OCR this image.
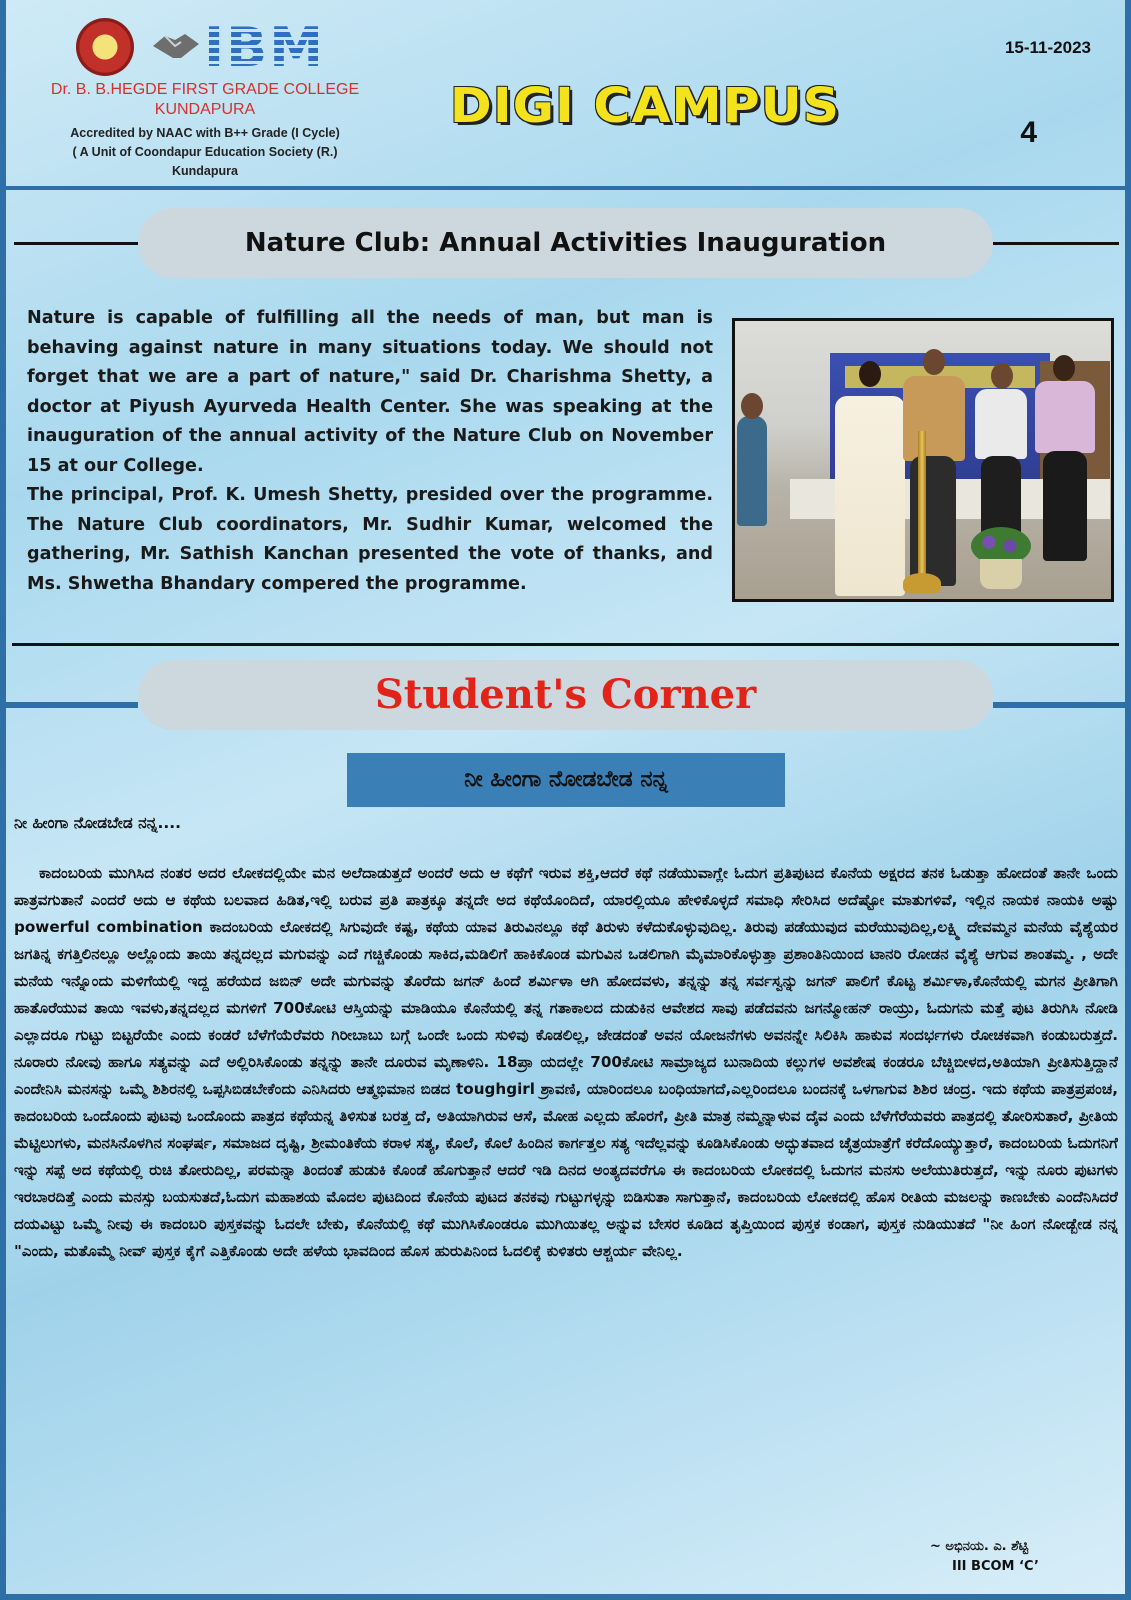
IBM
Dr. B. B.HEGDE FIRST GRADE COLLEGE
KUNDAPURA
Accredited by NAAC with B++ Grade (I Cycle)
( A Unit of Coondapur Education Society (R.)
Kundapura
DIGI CAMPUS
15-11-2023
4
Nature Club: Annual Activities Inauguration

Nature is capable of fulfilling all the needs of man, but man is behaving against nature in many situations today. We should not forget that we are a part of nature," said Dr. Charishma Shetty, a doctor at Piyush Ayurveda Health Center. She was speaking at the inauguration of the annual activity of the Nature Club on November 15 at our College.

The principal, Prof. K. Umesh Shetty, presided over the programme. The Nature Club coordinators, Mr. Sudhir Kumar, welcomed the gathering, Mr. Sathish Kanchan presented the vote of thanks, and Ms. Shwetha Bhandary compered the programme.

Student's Corner
ನೀ ಹೀಂಗಾ ನೋಡಬೇಡ ನನ್ನ
ನೀ ಹೀಂಗಾ ನೋಡಬೇಡ ನನ್ನ....

ಕಾದಂಬರಿಯ ಮುಗಿಸಿದ ನಂತರ ಅದರ ಲೋಕದಲ್ಲಿಯೇ ಮನ ಅಲೆದಾಡುತ್ತದೆ ಅಂದರೆ ಅದು ಆ ಕಥೆಗೆ ಇರುವ ಶಕ್ತಿ,ಆದರೆ ಕಥೆ ನಡೆಯುವಾಗ್ಲೇ ಓದುಗ ಪ್ರತಿಪುಟದ ಕೊನೆಯ ಅಕ್ಷರದ ತನಕ ಓಡುತ್ತಾ ಹೋದಂತೆ ತಾನೇ ಒಂದು ಪಾತ್ರವಗುತಾನೆ ಎಂದರೆ ಅದು ಆ ಕಥೆಯ ಬಲವಾದ ಹಿಡಿತ,ಇಲ್ಲಿ ಬರುವ ಪ್ರತಿ ಪಾತ್ರಕ್ಕೂ ತನ್ನದೇ ಅದ ಕಥೆಯೊಂದಿದೆ, ಯಾರಲ್ಲಿಯೂ ಹೇಳಿಕೊಳ್ಳದೆ ಸಮಾಧಿ ಸೇರಿಸಿದ ಅದೆಷ್ಟೋ ಮಾತುಗಳಿವೆ, ಇಲ್ಲಿನ ನಾಯಕ ನಾಯಕಿ ಅಷ್ಟು powerful combination ಕಾದಂಬರಿಯ ಲೋಕದಲ್ಲಿ ಸಿಗುವುದೇ ಕಷ್ಟ, ಕಥೆಯ ಯಾವ ತಿರುವಿನಲ್ಲೂ ಕಥೆ ತಿರುಳು ಕಳೆದುಕೊಳ್ಳುವುದಿಲ್ಲ. ತಿರುವು ಪಡೆಯುವುದ ಮರೆಯುವುದಿಲ್ಲ,ಲಕ್ಷ್ಮಿ ದೇವಮ್ಮನ ಮನೆಯ ವೈಶ್ಯೆಯರ ಜಗತಿನ್ನ ಕಗತ್ತಿಲಿನಲ್ಲೂ ಅಲ್ಲೊಂದು ತಾಯಿ ತನ್ನದಲ್ಲದ ಮಗುವನ್ನು ಎದೆ ಗಚ್ಚಿಕೊಂಡು ಸಾಕಿದ,ಮಡಿಲಿಗೆ ಹಾಕಿಕೊಂಡ ಮಗುವಿನ ಒಡಲಿಗಾಗಿ ಮೈಮಾರಿಕೊಳ್ಳುತ್ತಾ ಪ್ರಶಾಂತಿನಿಯಿಂದ ಟಾನರಿ ರೋಡನ ವೈಶ್ಯೆ ಆಗುವ ಶಾಂತಮ್ಮ. , ಅದೇ ಮನೆಯ ಇನ್ನೊಂದು ಮಳಿಗೆಯಲ್ಲಿ ಇದ್ದ ಹರೆಯದ ಜಬಿನ್ ಅದೇ ಮಗುವನ್ನು ತೊರೆದು ಜಗನ್ ಹಿಂದೆ ಶರ್ಮಿಳಾ ಆಗಿ ಹೋದವಳು, ತನ್ನನ್ನು ತನ್ನ ಸರ್ವಸ್ವನ್ನು ಜಗನ್ ಪಾಲಿಗೆ ಕೊಟ್ಟ ಶರ್ಮಿಳಾ,ಕೊನೆಯಲ್ಲಿ ಮಗನ ಪ್ರೀತಿಗಾಗಿ ಹಾತೊರೆಯುವ ತಾಯಿ ಇವಳು,ತನ್ನದಲ್ಲದ ಮಗಳಿಗೆ 700ಕೋಟಿ ಆಸ್ತಿಯನ್ನು ಮಾಡಿಯೂ ಕೊನೆಯಲ್ಲಿ ತನ್ನ ಗತಾಕಾಲದ ದುಡುಕಿನ ಆವೇಶದ ಸಾವು ಪಡೆದವನು ಜಗನ್ಮೋಹನ್ ರಾಯ್ರು, ಓದುಗನು ಮತ್ತೆ ಪುಟ ತಿರುಗಿಸಿ ನೋಡಿ ಎಲ್ಲಾದರೂ ಗುಟ್ಟು ಬಿಟ್ಟರೆಯೇ ಎಂದು ಕಂಡರೆ ಬೆಳೆಗೆಯೆರೆವರು ಗಿರೀಬಾಬು ಬಗ್ಗೆ ಒಂದೇ ಒಂದು ಸುಳಿವು ಕೊಡಲಿಲ್ಲ, ಜೇಡದಂತೆ ಅವನ ಯೋಜನೆಗಳು ಅವನನ್ನೇ ಸಿಲಿಕಿಸಿ ಹಾಕುವ ಸಂದರ್ಭಗಳು ರೋಚಕವಾಗಿ ಕಂಡುಬರುತ್ತದೆ. ನೂರಾರು ನೋವು ಹಾಗೂ ಸತ್ಯವನ್ನು ಎದೆ ಅಲ್ಲಿರಿಸಿಕೊಂಡು ತನ್ನನ್ನು ತಾನೇ ದೂರುವ ಮೃಣಾಳಿನಿ. 18ಪ್ರಾ ಯದಲ್ಲೇ 700ಕೋಟಿ ಸಾಮ್ರಾಜ್ಯದ ಬುನಾದಿಯ ಕಲ್ಲುಗಳ ಅವಶೇಷ ಕಂಡರೂ ಬೆಚ್ಚಿಬೀಳದ,ಅತಿಯಾಗಿ ಪ್ರೀತಿಸುತ್ತಿದ್ದಾನೆ ಎಂದೇನಿಸಿ ಮನಸನ್ನು ಒಮ್ಮೆ ಶಿಶಿರನಲ್ಲಿ ಒಪ್ಪಸಿಬಿಡಬೇಕೆಂದು ಎನಿಸಿದರು ಆತ್ಮಭಿಮಾನ ಬಿಡದ toughgirl ಶ್ರಾವಣಿ, ಯಾರಿಂದಲೂ ಬಂಧಿಯಾಗದೆ,ಎಲ್ಲರಿಂದಲೂ ಬಂದನಕ್ಕೆ ಒಳಗಾಗುವ ಶಿಶಿರ ಚಂದ್ರ. ಇದು ಕಥೆಯ ಪಾತ್ರಪ್ರಪಂಚ, ಕಾದಂಬರಿಯ ಒಂದೊಂದು ಪುಟವು ಒಂದೊಂದು ಪಾತ್ರದ ಕಥೆಯನ್ನ ತಿಳಿಸುತ ಬರತ್ತ ದೆ, ಅತಿಯಾಗಿರುವ ಆಸೆ, ಮೋಹ ಎಲ್ಲದು ಹೊರಗೆ, ಪ್ರೀತಿ ಮಾತ್ರ ನಮ್ಮನ್ನಾಳುವ ದೈವ ಎಂದು ಬೆಳೆಗೆರೆಯವರು ಪಾತ್ರದಲ್ಲಿ ತೋರಿಸುತಾರೆ, ಪ್ರೀತಿಯ ಮೆಟ್ಟಿಲುಗಳು, ಮನಸಿನೊಳಗಿನ ಸಂಘರ್ಷ, ಸಮಾಜದ ದೃಷ್ಟಿ, ಶ್ರೀಮಂತಿಕೆಯ ಕರಾಳ ಸತ್ಯ, ಕೊಲೆ, ಕೊಲೆ ಹಿಂದಿನ ಕಾರ್ಗತ್ತಲ ಸತ್ಯ ಇದೆಲ್ಲವನ್ನು ಕೂಡಿಸಿಕೊಂಡು ಅದ್ಭುತವಾದ ಚೈತ್ರಯಾತ್ರೆಗೆ ಕರೆದೊಯ್ಯುತ್ತಾರೆ, ಕಾದಂಬರಿಯ ಓದುಗನಿಗೆ ಇನ್ನು ಸಪ್ಪೆ ಅದ ಕಥೆಯಲ್ಲಿ ರುಚಿ ತೋರುದಿಲ್ಲ, ಪರಮನ್ನಾ ತಿಂದಂತೆ ಹುಡುಕಿ ಕೊಂಡೆ ಹೊಗುತ್ತಾನೆ ಆದರೆ ಇಡಿ ದಿನದ ಅಂತ್ಯದವರೆಗೂ ಈ ಕಾದಂಬರಿಯ ಲೋಕದಲ್ಲಿ ಓದುಗನ ಮನಸು ಅಲೆಯುತಿರುತ್ತದೆ, ಇನ್ನು ನೂರು ಪುಟಗಳು ಇರಬಾರದಿತ್ತೆ ಎಂದು ಮನಸ್ಸು ಬಯಸುತದೆ,ಓದುಗ ಮಹಾಶಯ ಮೊದಲ ಪುಟದಿಂದ ಕೊನೆಯ ಪುಟದ ತನಕವು ಗುಟ್ಟುಗಳ್ಳನ್ನು ಬಿಡಿಸುತಾ ಸಾಗುತ್ತಾನೆ, ಕಾದಂಬರಿಯ ಲೋಕದಲ್ಲಿ ಹೊಸ ರೀತಿಯ ಮಜಲನ್ನು ಕಾಣಬೇಕು ಎಂದೆನಿಸಿದರೆ ದಯವಿಟ್ಟು ಒಮ್ಮೆ ನೀವು ಈ ಕಾದಂಬರಿ ಪುಸ್ತಕವನ್ನು ಓದಲೇ ಬೇಕು, ಕೊನೆಯಲ್ಲಿ ಕಥೆ ಮುಗಿಸಿಕೊಂಡರೂ ಮುಗಿಯಿತಲ್ಲ ಅನ್ನುವ ಬೇಸರ ಕೂಡಿದ ತೃಪ್ತಿಯಿಂದ ಪುಸ್ತಕ ಕಂಡಾಗ, ಪುಸ್ತಕ ನುಡಿಯುತದೆ "ನೀ ಹಿಂಗ ನೋಡ್ಬೇಡ ನನ್ನ "ಎಂದು, ಮತೊಮ್ಮೆ ನೀವ್ ಪುಸ್ತಕ ಕೈಗೆ ಎತ್ತಿಕೊಂಡು ಅದೇ ಹಳೆಯ ಭಾವದಿಂದ ಹೊಸ ಹುರುಪಿನಿಂದ ಓದಲಿಕ್ಕೆ ಕುಳಿತರು ಆಶ್ಚರ್ಯ ವೇನಿಲ್ಲ.

~ ಅಭಿನಯ. ಎ. ಶೆಟ್ಟಿ
III BCOM ‘C’
